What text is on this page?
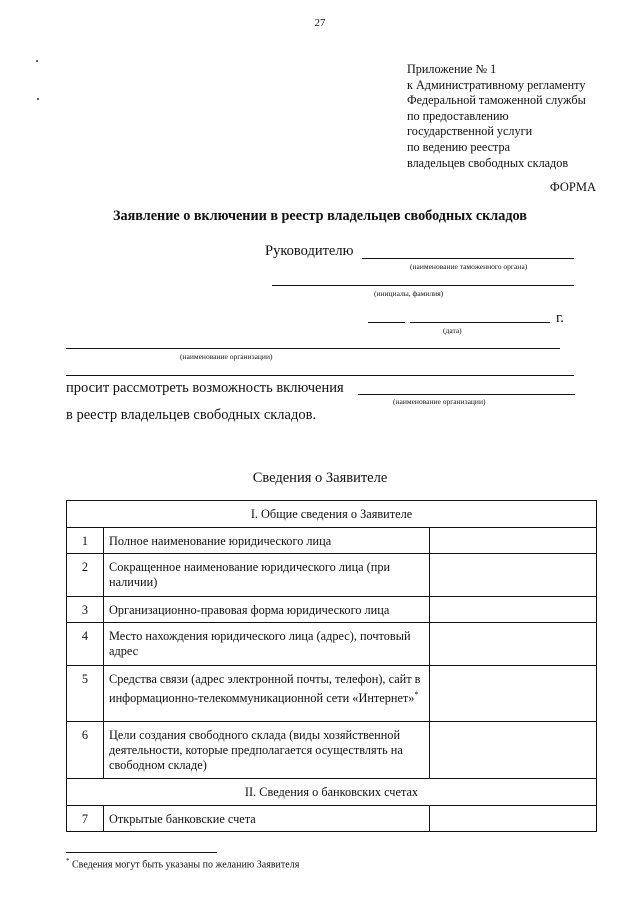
27
Приложение № 1
к Административному регламенту
Федеральной таможенной службы
по предоставлению
государственной услуги
по ведению реестра
владельцев свободных складов
ФОРМА
Заявление о включении в реестр владельцев свободных складов
Руководителю
(наименование таможенного органа)
(инициалы, фамилия)
г.
(дата)
(наименование организации)
просит рассмотреть возможность включения
(наименование организации)
в реестр владельцев свободных складов.
Сведения о Заявителе
I. Общие сведения о Заявителе		
1	Полное наименование юридического лица	
2	Сокращенное наименование юридического лица (при наличии)	
3	Организационно-правовая форма юридического лица	
4	Место нахождения юридического лица (адрес), почтовый адрес	
5	Средства связи (адрес электронной почты, телефон), сайт в информационно-телекоммуникационной сети «Интернет»*	
6	Цели создания свободного склада (виды хозяйственной деятельности, которые предполагается осуществлять на свободном складе)	
II. Сведения о банковских счетах		
7	Открытые банковские счета	
* Сведения могут быть указаны по желанию Заявителя
